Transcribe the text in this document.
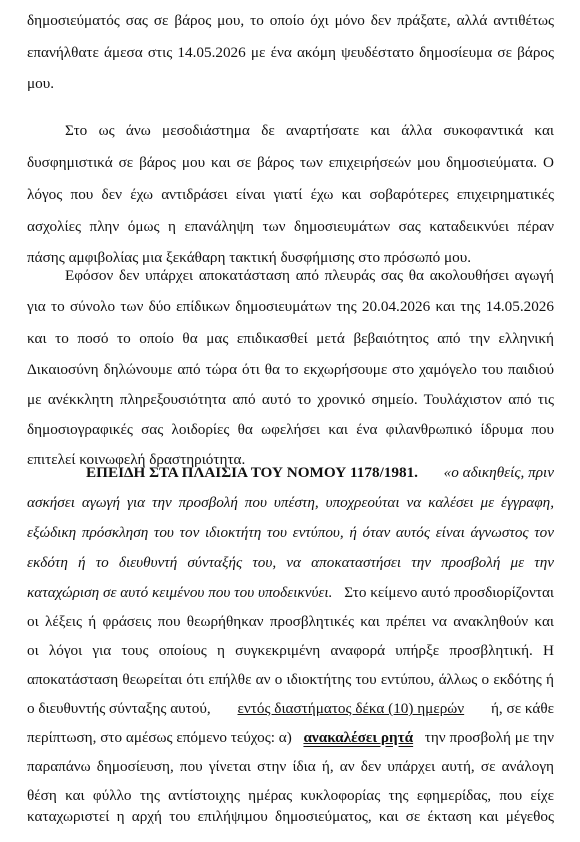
δημοσιεύματός σας σε βάρος μου, το οποίο όχι μόνο δεν πράξατε, αλλά αντιθέτως
επανήλθατε άμεσα στις 14.05.2026 με ένα ακόμη ψευδέστατο δημοσίευμα σε βάρος
μου.
Στο ως άνω μεσοδιάστημα δε αναρτήσατε και άλλα συκοφαντικά και
δυσφημιστικά σε βάρος μου και σε βάρος των επιχειρήσεών μου δημοσιεύματα. Ο
λόγος που δεν έχω αντιδράσει είναι γιατί έχω και σοβαρότερες επιχειρηματικές
ασχολίες πλην όμως η επανάληψη των δημοσιευμάτων σας καταδεικνύει πέραν
πάσης αμφιβολίας μια ξεκάθαρη τακτική δυσφήμισης στο πρόσωπό μου.
Εφόσον δεν υπάρχει αποκατάσταση από πλευράς σας θα ακολουθήσει αγωγή
για το σύνολο των δύο επίδικων δημοσιευμάτων της 20.04.2026 και της 14.05.2026
και το ποσό το οποίο θα μας επιδικασθεί μετά βεβαιότητος από την ελληνική
Δικαιοσύνη δηλώνουμε από τώρα ότι θα το εκχωρήσουμε στο χαμόγελο του παιδιού
με ανέκκλητη πληρεξουσιότητα από αυτό το χρονικό σημείο. Τουλάχιστον από τις
δημοσιογραφικές σας λοιδορίες θα ωφελήσει και ένα φιλανθρωπικό ίδρυμα που
επιτελεί κοινωφελή δραστηριότητα.
ΕΠΕΙΔΗ ΣΤΑ ΠΛΑΙΣΙΑ ΤΟΥ ΝΟΜΟΥ 1178/1981. «ο αδικηθείς, πριν
ασκήσει αγωγή για την προσβολή που υπέστη, υποχρεούται να καλέσει με έγγραφη,
εξώδικη πρόσκληση του τον ιδιοκτήτη του εντύπου, ή όταν αυτός είναι άγνωστος τον
εκδότη ή το διευθυντή σύνταξής του, να αποκαταστήσει την προσβολή με την
καταχώριση σε αυτό κειμένου που του υποδεικνύει. Στο κείμενο αυτό προσδιορίζονται
οι λέξεις ή φράσεις που θεωρήθηκαν προσβλητικές και πρέπει να ανακληθούν και
οι λόγοι για τους οποίους η συγκεκριμένη αναφορά υπήρξε προσβλητική. Η
αποκατάσταση θεωρείται ότι επήλθε αν ο ιδιοκτήτης του εντύπου, άλλως ο εκδότης ή
ο διευθυντής σύνταξης αυτού, εντός διαστήματος δέκα (10) ημερών ή, σε κάθε
περίπτωση, στο αμέσως επόμενο τεύχος: α) ανακαλέσει ρητά την προσβολή με την
παραπάνω δημοσίευση, που γίνεται στην ίδια ή, αν δεν υπάρχει αυτή, σε ανάλογη
θέση και φύλλο της αντίστοιχης ημέρας κυκλοφορίας της εφημερίδας, που είχε
καταχωριστεί η αρχή του επιλήψιμου δημοσιεύματος, και σε έκταση και μέγεθος
